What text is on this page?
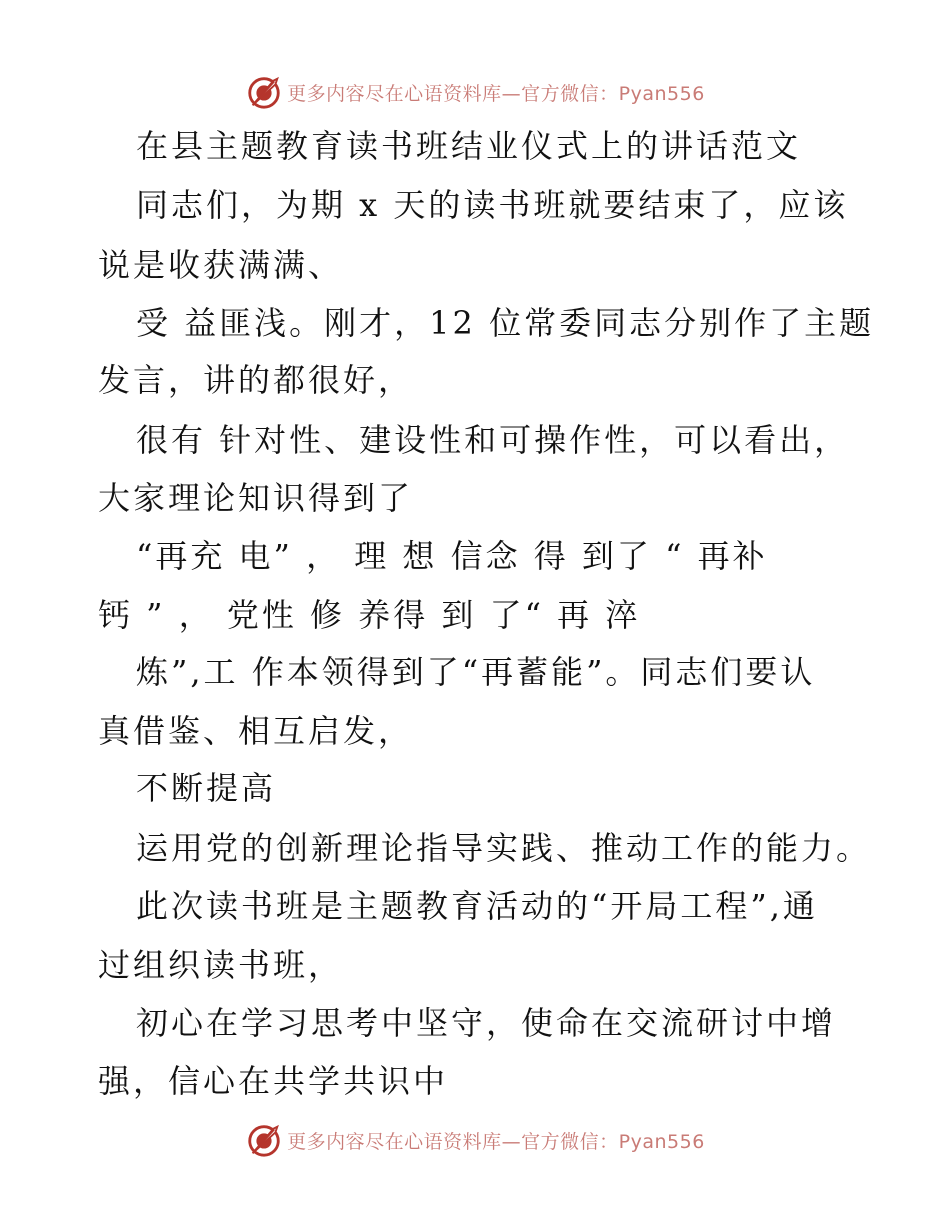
更多内容尽在心语资料库—官方微信：Pyan556
在县主题教育读书班结业仪式上的讲话范文
同志们，为期 x 天的读书班就要结束了，应该
说是收获满满、
受 益匪浅。刚才，12 位常委同志分别作了主题
发言，讲的都很好，
很有 针对性、建设性和可操作性，可以看出，
大家理论知识得到了
“再充 电” ， 理 想 信念 得 到了 “ 再补
钙 ” ， 党性 修 养得 到 了“ 再 淬
炼”,工 作本领得到了“再蓄能”。同志们要认
真借鉴、相互启发，
不断提高
运用党的创新理论指导实践、推动工作的能力。
此次读书班是主题教育活动的“开局工程”,通
过组织读书班，
初心在学习思考中坚守，使命在交流研讨中增
强，信心在共学共识中
更多内容尽在心语资料库—官方微信：Pyan556
